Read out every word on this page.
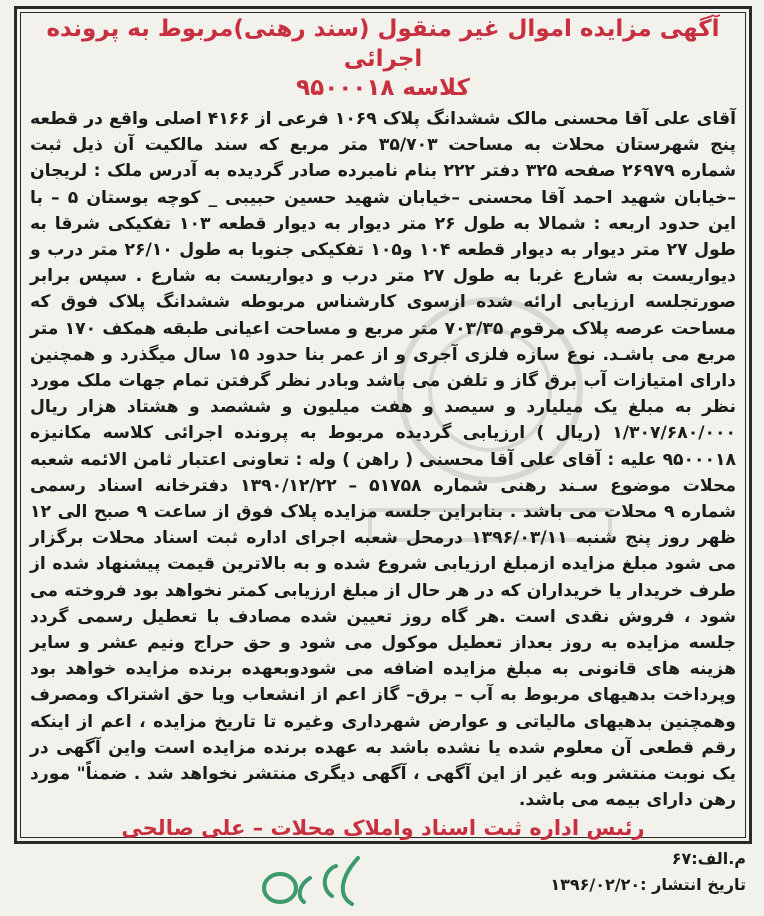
آگهی مزایده اموال غیر منقول (سند رهنی)مربوط به پرونده اجرائی
کلاسه ۹۵۰۰۰۱۸

آقای علی آقا محسنی مالک ششدانگ پلاک ۱۰۶۹ فرعی از ۴۱۶۶ اصلی واقع در قطعه پنج شهرستان محلات به مساحت ۳۵/۷۰۳ متر مربع که سند مالکیت آن ذیل ثبت شماره ۲۶۹۷۹ صفحه ۳۲۵ دفتر ۲۲۲ بنام نامبرده صادر گردیده به آدرس ملک : لریجان –خیابان شهید احمد آقا محسنی –خیابان شهید حسین حبیبی _ کوچه بوستان ۵ – با این حدود اربعه : شمالا به طول ۲۶ متر دیوار به دیوار قطعه ۱۰۳ تفکیکی شرقا به طول ۲۷ متر دیوار به دیوار قطعه ۱۰۴ و۱۰۵ تفکیکی جنوبا به طول ۲۶/۱۰ متر درب و دیواریست به شارع غربا به طول ۲۷ متر درب و دیواریست به شارع . سپس برابر صورتجلسه ارزیابی ارائه شده ازسوی کارشناس مربوطه ششدانگ پلاک فوق که مساحت عرصه پلاک مرقوم ۷۰۳/۳۵ متر مربع و مساحت اعیانی طبقه همکف ۱۷۰ متر مربع می باشـد. نوع سازه فلزی آجری و از عمر بنا حدود ۱۵ سال میگذرد و همچنین دارای امتیازات آب برق گاز و تلفن می باشد وبادر نظر گرفتن تمام جهات ملک مورد نظر به مبلغ یک میلیارد و سیصد و هفت میلیون و ششصد و هشتاد هزار ریال ۱/۳۰۷/۶۸۰/۰۰۰ (ریال ) ارزیابی گردیده مربوط به پرونده اجرائی کلاسه مکانیزه ۹۵۰۰۰۱۸ علیه : آقای علی آقا محسنی ( راهن ) وله : تعاونی اعتبار ثامن الائمه شعبه محلات موضوع سـند رهنی شماره ۵۱۷۵۸ – ۱۳۹۰/۱۲/۲۲ دفترخانه اسناد رسمی شماره ۹ محلات می باشد . بنابراین جلسه مزایده پلاک فوق از ساعت ۹ صبح الی ۱۲ ظهر روز پنج شنبه ۱۳۹۶/۰۳/۱۱ درمحل شعبه اجرای اداره ثبت اسناد محلات برگزار می شود مبلغ مزایده ازمبلغ ارزیابی شروع شده و به بالاترین قیمت پیشنهاد شده از طرف خریدار یا خریداران که در هر حال از مبلغ ارزیابی کمتر نخواهد بود فروخته می شود ، فروش نقدی است .هر گاه روز تعیین شده مصادف با تعطیل رسمی گردد جلسه مزایده به روز بعداز تعطیل موکول می شود و حق حراج ونیم عشر و سایر هزینه های قانونی به مبلغ مزایده اضافه می شودوبعهده برنده مزایده خواهد بود وپرداخت بدهیهای مربوط به آب – برق– گاز اعم از انشعاب ویا حق اشتراک ومصرف وهمچنین بدهیهای مالیاتی و عوارض شهرداری وغیره تا تاریخ مزایده ، اعم از اینکه رقم قطعی آن معلوم شده یا نشده باشد به عهده برنده مزایده است واین آگهی در یک نوبت منتشر وبه غیر از این آگهی ، آگهی دیگری منتشر نخواهد شد . ضمناً" مورد رهن دارای بیمه می باشد.

رئیس اداره ثبت اسناد واملاک محلات – علی صالحی
م.الف:۶۷
تاریخ انتشار :۱۳۹۶/۰۲/۲۰
